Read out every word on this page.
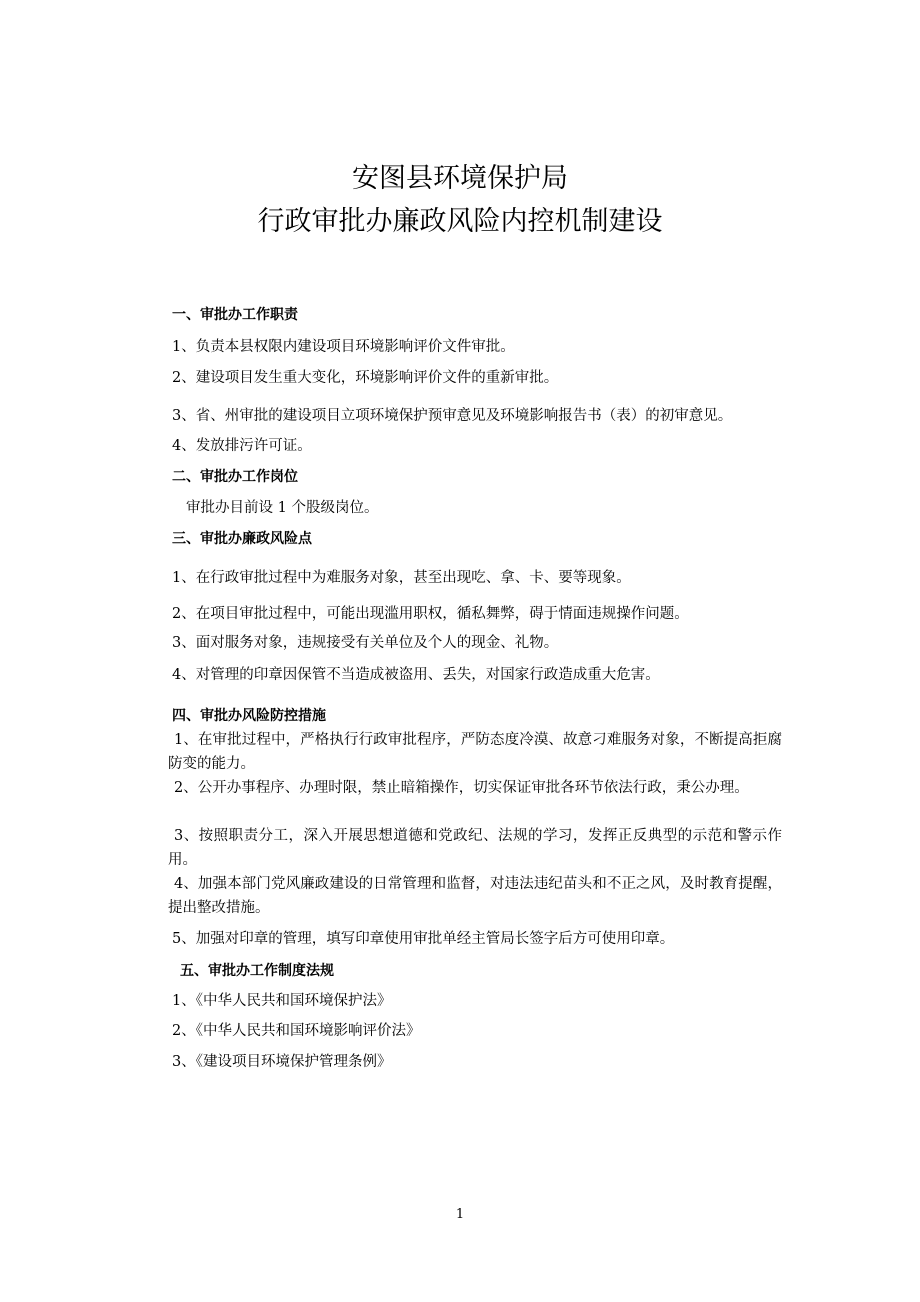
安图县环境保护局
行政审批办廉政风险内控机制建设
一、审批办工作职责
1、负责本县权限内建设项目环境影响评价文件审批。
2、建设项目发生重大变化，环境影响评价文件的重新审批。
3、省、州审批的建设项目立项环境保护预审意见及环境影响报告书（表）的初审意见。
4、发放排污许可证。
二、审批办工作岗位
审批办目前设 1 个股级岗位。
三、审批办廉政风险点
1、在行政审批过程中为难服务对象，甚至出现吃、拿、卡、要等现象。
2、在项目审批过程中，可能出现滥用职权，循私舞弊，碍于情面违规操作问题。
3、面对服务对象，违规接受有关单位及个人的现金、礼物。
4、对管理的印章因保管不当造成被盗用、丢失，对国家行政造成重大危害。
四、审批办风险防控措施
1、在审批过程中，严格执行行政审批程序，严防态度冷漠、故意刁难服务对象，不断提高拒腐防变的能力。
2、公开办事程序、办理时限，禁止暗箱操作，切实保证审批各环节依法行政，秉公办理。
3、按照职责分工，深入开展思想道德和党政纪、法规的学习，发挥正反典型的示范和警示作用。
4、加强本部门党风廉政建设的日常管理和监督，对违法违纪苗头和不正之风，及时教育提醒，提出整改措施。
5、加强对印章的管理，填写印章使用审批单经主管局长签字后方可使用印章。
五、审批办工作制度法规
1、《中华人民共和国环境保护法》
2、《中华人民共和国环境影响评价法》
3、《建设项目环境保护管理条例》
1
